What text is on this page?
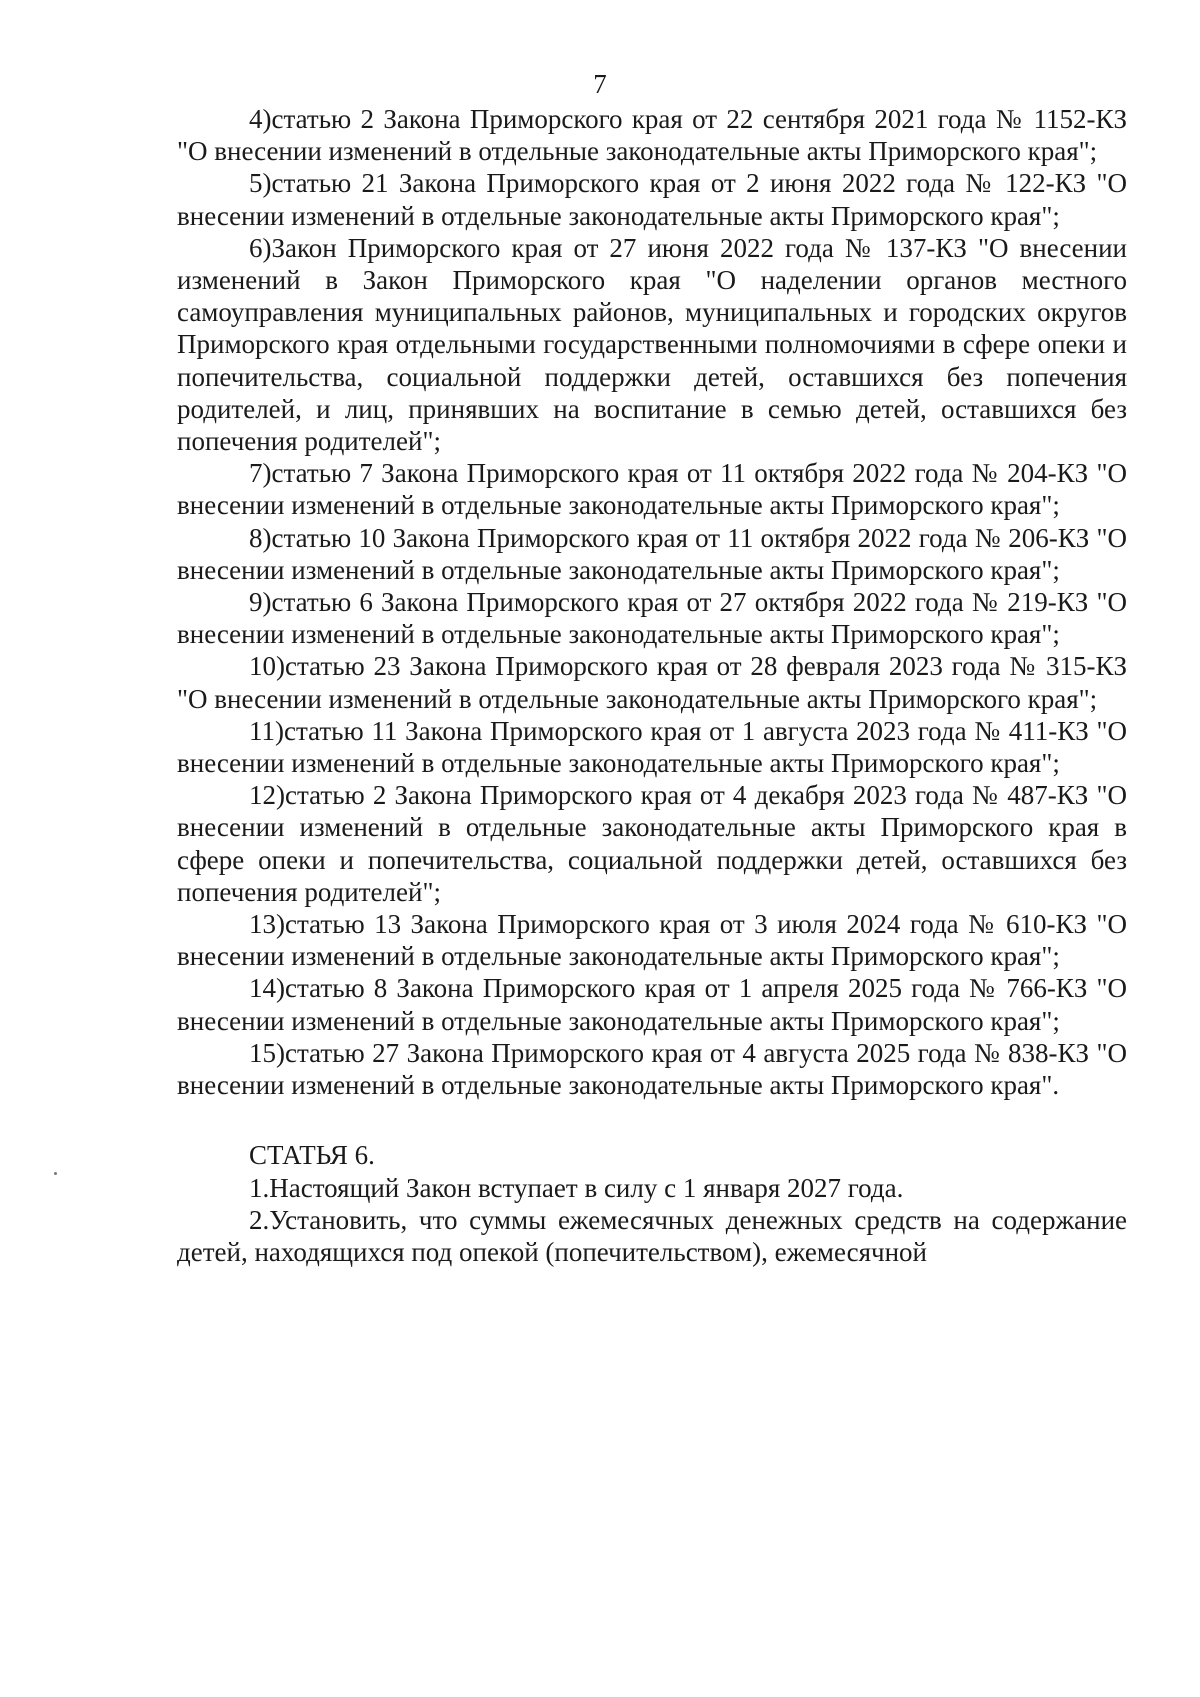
7

4)статью 2 Закона Приморского края от 22 сентября 2021 года № 1152-КЗ "О внесении изменений в отдельные законодательные акты Приморского края";

5)статью 21 Закона Приморского края от 2 июня 2022 года № 122-КЗ "О внесении изменений в отдельные законодательные акты Приморского края";

6)Закон Приморского края от 27 июня 2022 года № 137-КЗ "О внесении изменений в Закон Приморского края "О наделении органов местного самоуправления муниципальных районов, муниципальных и городских округов Приморского края отдельными государственными полномочиями в сфере опеки и попечительства, социальной поддержки детей, оставшихся без попечения родителей, и лиц, принявших на воспитание в семью детей, оставшихся без попечения родителей";

7)статью 7 Закона Приморского края от 11 октября 2022 года № 204-КЗ "О внесении изменений в отдельные законодательные акты Приморского края";

8)статью 10 Закона Приморского края от 11 октября 2022 года № 206-КЗ "О внесении изменений в отдельные законодательные акты Приморского края";

9)статью 6 Закона Приморского края от 27 октября 2022 года № 219-КЗ "О внесении изменений в отдельные законодательные акты Приморского края";

10)статью 23 Закона Приморского края от 28 февраля 2023 года № 315-КЗ "О внесении изменений в отдельные законодательные акты Приморского края";

11)статью 11 Закона Приморского края от 1 августа 2023 года № 411-КЗ "О внесении изменений в отдельные законодательные акты Приморского края";

12)статью 2 Закона Приморского края от 4 декабря 2023 года № 487-КЗ "О внесении изменений в отдельные законодательные акты Приморского края в сфере опеки и попечительства, социальной поддержки детей, оставшихся без попечения родителей";

13)статью 13 Закона Приморского края от 3 июля 2024 года № 610-КЗ "О внесении изменений в отдельные законодательные акты Приморского края";

14)статью 8 Закона Приморского края от 1 апреля 2025 года № 766-КЗ "О внесении изменений в отдельные законодательные акты Приморского края";

15)статью 27 Закона Приморского края от 4 августа 2025 года № 838-КЗ "О внесении изменений в отдельные законодательные акты Приморского края".

СТАТЬЯ 6.

1.Настоящий Закон вступает в силу с 1 января 2027 года.

2.Установить, что суммы ежемесячных денежных средств на содержание детей, находящихся под опекой (попечительством), ежемесячной
